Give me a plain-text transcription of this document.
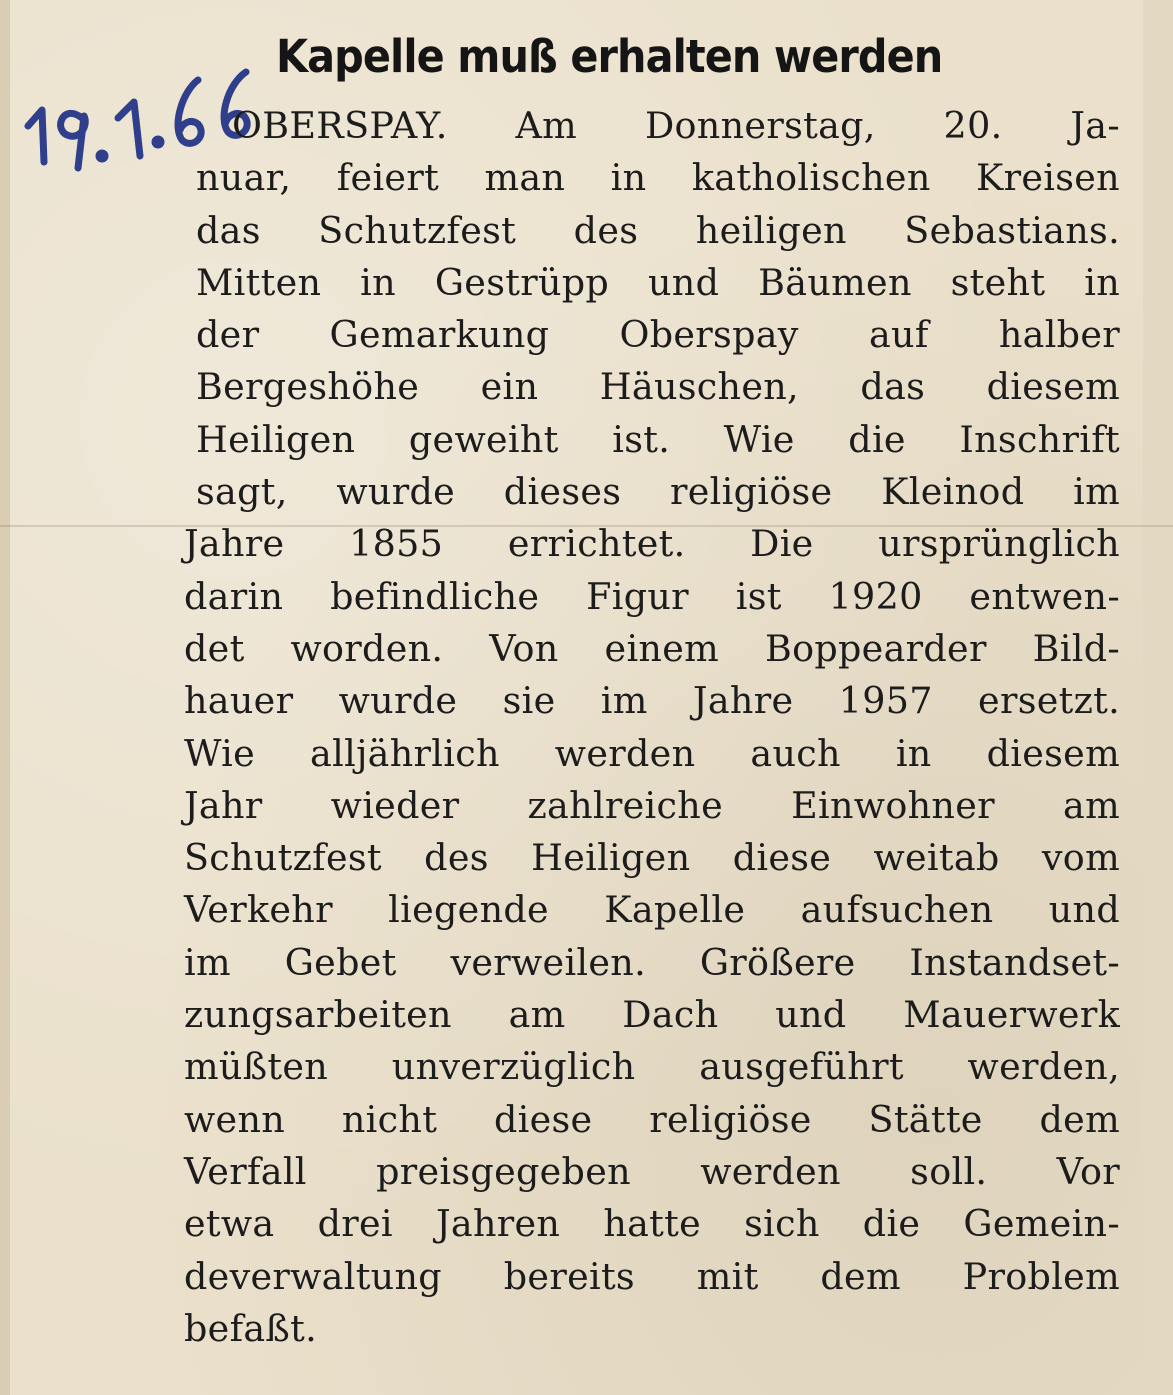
Kapelle muß erhalten werden
OBERSPAY. Am Donnerstag, 20. Ja-
nuar, feiert man in katholischen Kreisen
das Schutzfest des heiligen Sebastians.
Mitten in Gestrüpp und Bäumen steht in
der Gemarkung Oberspay auf halber
Bergeshöhe ein Häuschen, das diesem
Heiligen geweiht ist. Wie die Inschrift
sagt, wurde dieses religiöse Kleinod im
Jahre 1855 errichtet. Die ursprünglich
darin befindliche Figur ist 1920 entwen-
det worden. Von einem Boppearder Bild-
hauer wurde sie im Jahre 1957 ersetzt.
Wie alljährlich werden auch in diesem
Jahr wieder zahlreiche Einwohner am
Schutzfest des Heiligen diese weitab vom
Verkehr liegende Kapelle aufsuchen und
im Gebet verweilen. Größere Instandset-
zungsarbeiten am Dach und Mauerwerk
müßten unverzüglich ausgeführt werden,
wenn nicht diese religiöse Stätte dem
Verfall preisgegeben werden soll. Vor
etwa drei Jahren hatte sich die Gemein-
deverwaltung bereits mit dem Problem
befaßt.
